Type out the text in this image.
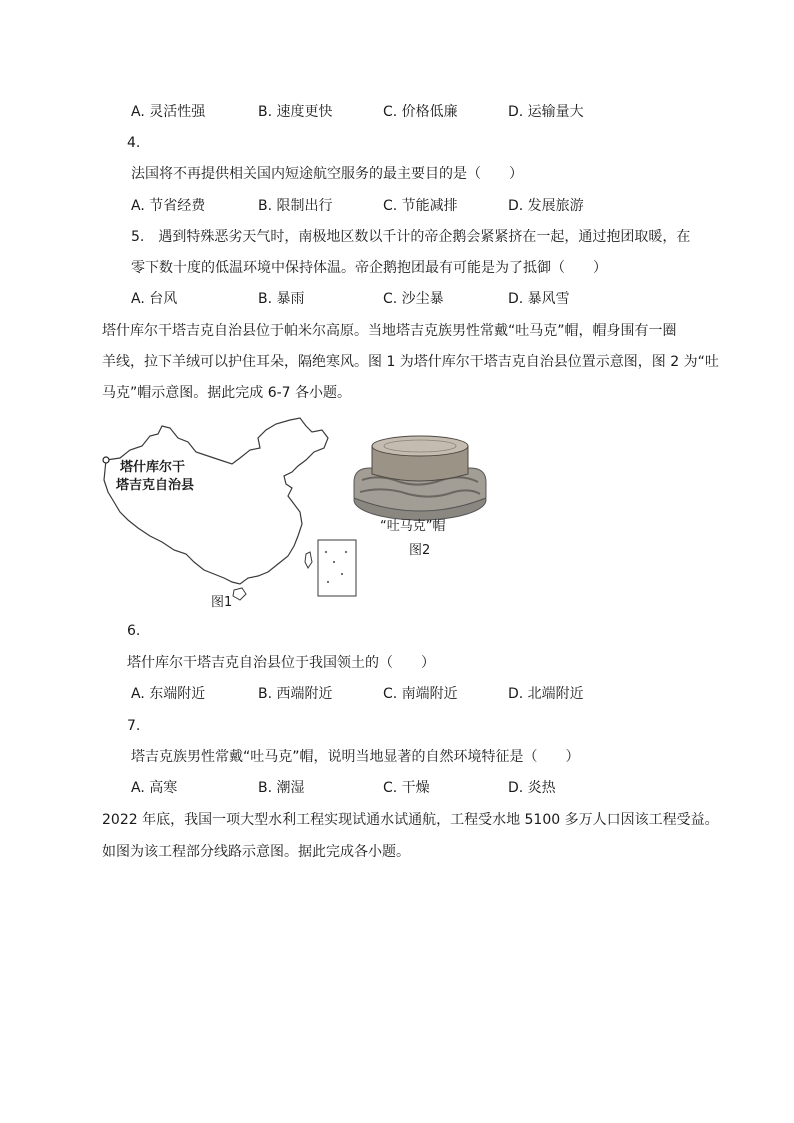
A. 灵活性强	B. 速度更快	C. 价格低廉	D. 运输量大
4.
法国将不再提供相关国内短途航空服务的最主要目的是（　　）
A. 节省经费	B. 限制出行	C. 节能减排	D. 发展旅游
5.　遇到特殊恶劣天气时，南极地区数以千计的帝企鹅会紧紧挤在一起，通过抱团取暖，在
零下数十度的低温环境中保持体温。帝企鹅抱团最有可能是为了抵御（　　）
A. 台风	B. 暴雨	C. 沙尘暴	D. 暴风雪
塔什库尔干塔吉克自治县位于帕米尔高原。当地塔吉克族男性常戴“吐马克”帽，帽身围有一圈
羊线，拉下羊绒可以护住耳朵，隔绝寒风。图 1 为塔什库尔干塔吉克自治县位置示意图，图 2 为“吐
马克”帽示意图。据此完成 6-7 各小题。
塔什库尔干
塔吉克自治县
图1
“吐马克”帽
图2
6.
塔什库尔干塔吉克自治县位于我国领土的（　　）
A. 东端附近	B. 西端附近	C. 南端附近	D. 北端附近
7.
塔吉克族男性常戴“吐马克”帽，说明当地显著的自然环境特征是（　　）
A. 高寒	B. 潮湿	C. 干燥	D. 炎热
2022 年底，我国一项大型水利工程实现试通水试通航，工程受水地 5100 多万人口因该工程受益。
如图为该工程部分线路示意图。据此完成各小题。
